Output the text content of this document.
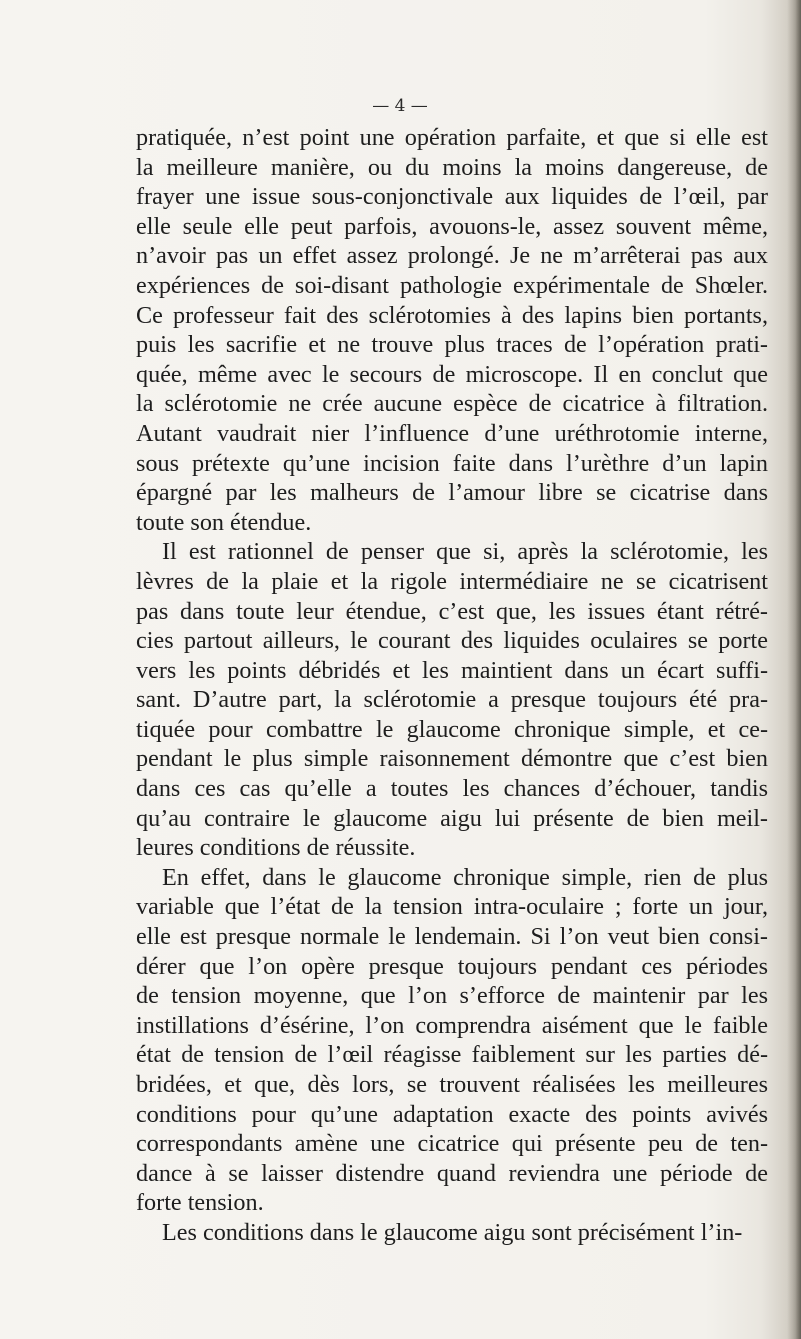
— 4 —

pratiquée, n’est point une opération parfaite, et que si elle est
la meilleure manière, ou du moins la moins dangereuse, de
frayer une issue sous-conjonctivale aux liquides de l’œil, par
elle seule elle peut parfois, avouons-le, assez souvent même,
n’avoir pas un effet assez prolongé. Je ne m’arrêterai pas aux
expériences de soi-disant pathologie expérimentale de Shœler.
Ce professeur fait des sclérotomies à des lapins bien portants,
puis les sacrifie et ne trouve plus traces de l’opération prati-
quée, même avec le secours de microscope. Il en conclut que
la sclérotomie ne crée aucune espèce de cicatrice à filtration.
Autant vaudrait nier l’influence d’une uréthrotomie interne,
sous prétexte qu’une incision faite dans l’urèthre d’un lapin
épargné par les malheurs de l’amour libre se cicatrise dans
toute son étendue.

Il est rationnel de penser que si, après la sclérotomie, les
lèvres de la plaie et la rigole intermédiaire ne se cicatrisent
pas dans toute leur étendue, c’est que, les issues étant rétré-
cies partout ailleurs, le courant des liquides oculaires se porte
vers les points débridés et les maintient dans un écart suffi-
sant. D’autre part, la sclérotomie a presque toujours été pra-
tiquée pour combattre le glaucome chronique simple, et ce-
pendant le plus simple raisonnement démontre que c’est bien
dans ces cas qu’elle a toutes les chances d’échouer, tandis
qu’au contraire le glaucome aigu lui présente de bien meil-
leures conditions de réussite.

En effet, dans le glaucome chronique simple, rien de plus
variable que l’état de la tension intra-oculaire ; forte un jour,
elle est presque normale le lendemain. Si l’on veut bien consi-
dérer que l’on opère presque toujours pendant ces périodes
de tension moyenne, que l’on s’efforce de maintenir par les
instillations d’ésérine, l’on comprendra aisément que le faible
état de tension de l’œil réagisse faiblement sur les parties dé-
bridées, et que, dès lors, se trouvent réalisées les meilleures
conditions pour qu’une adaptation exacte des points avivés
correspondants amène une cicatrice qui présente peu de ten-
dance à se laisser distendre quand reviendra une période de
forte tension.

Les conditions dans le glaucome aigu sont précisément l’in-
